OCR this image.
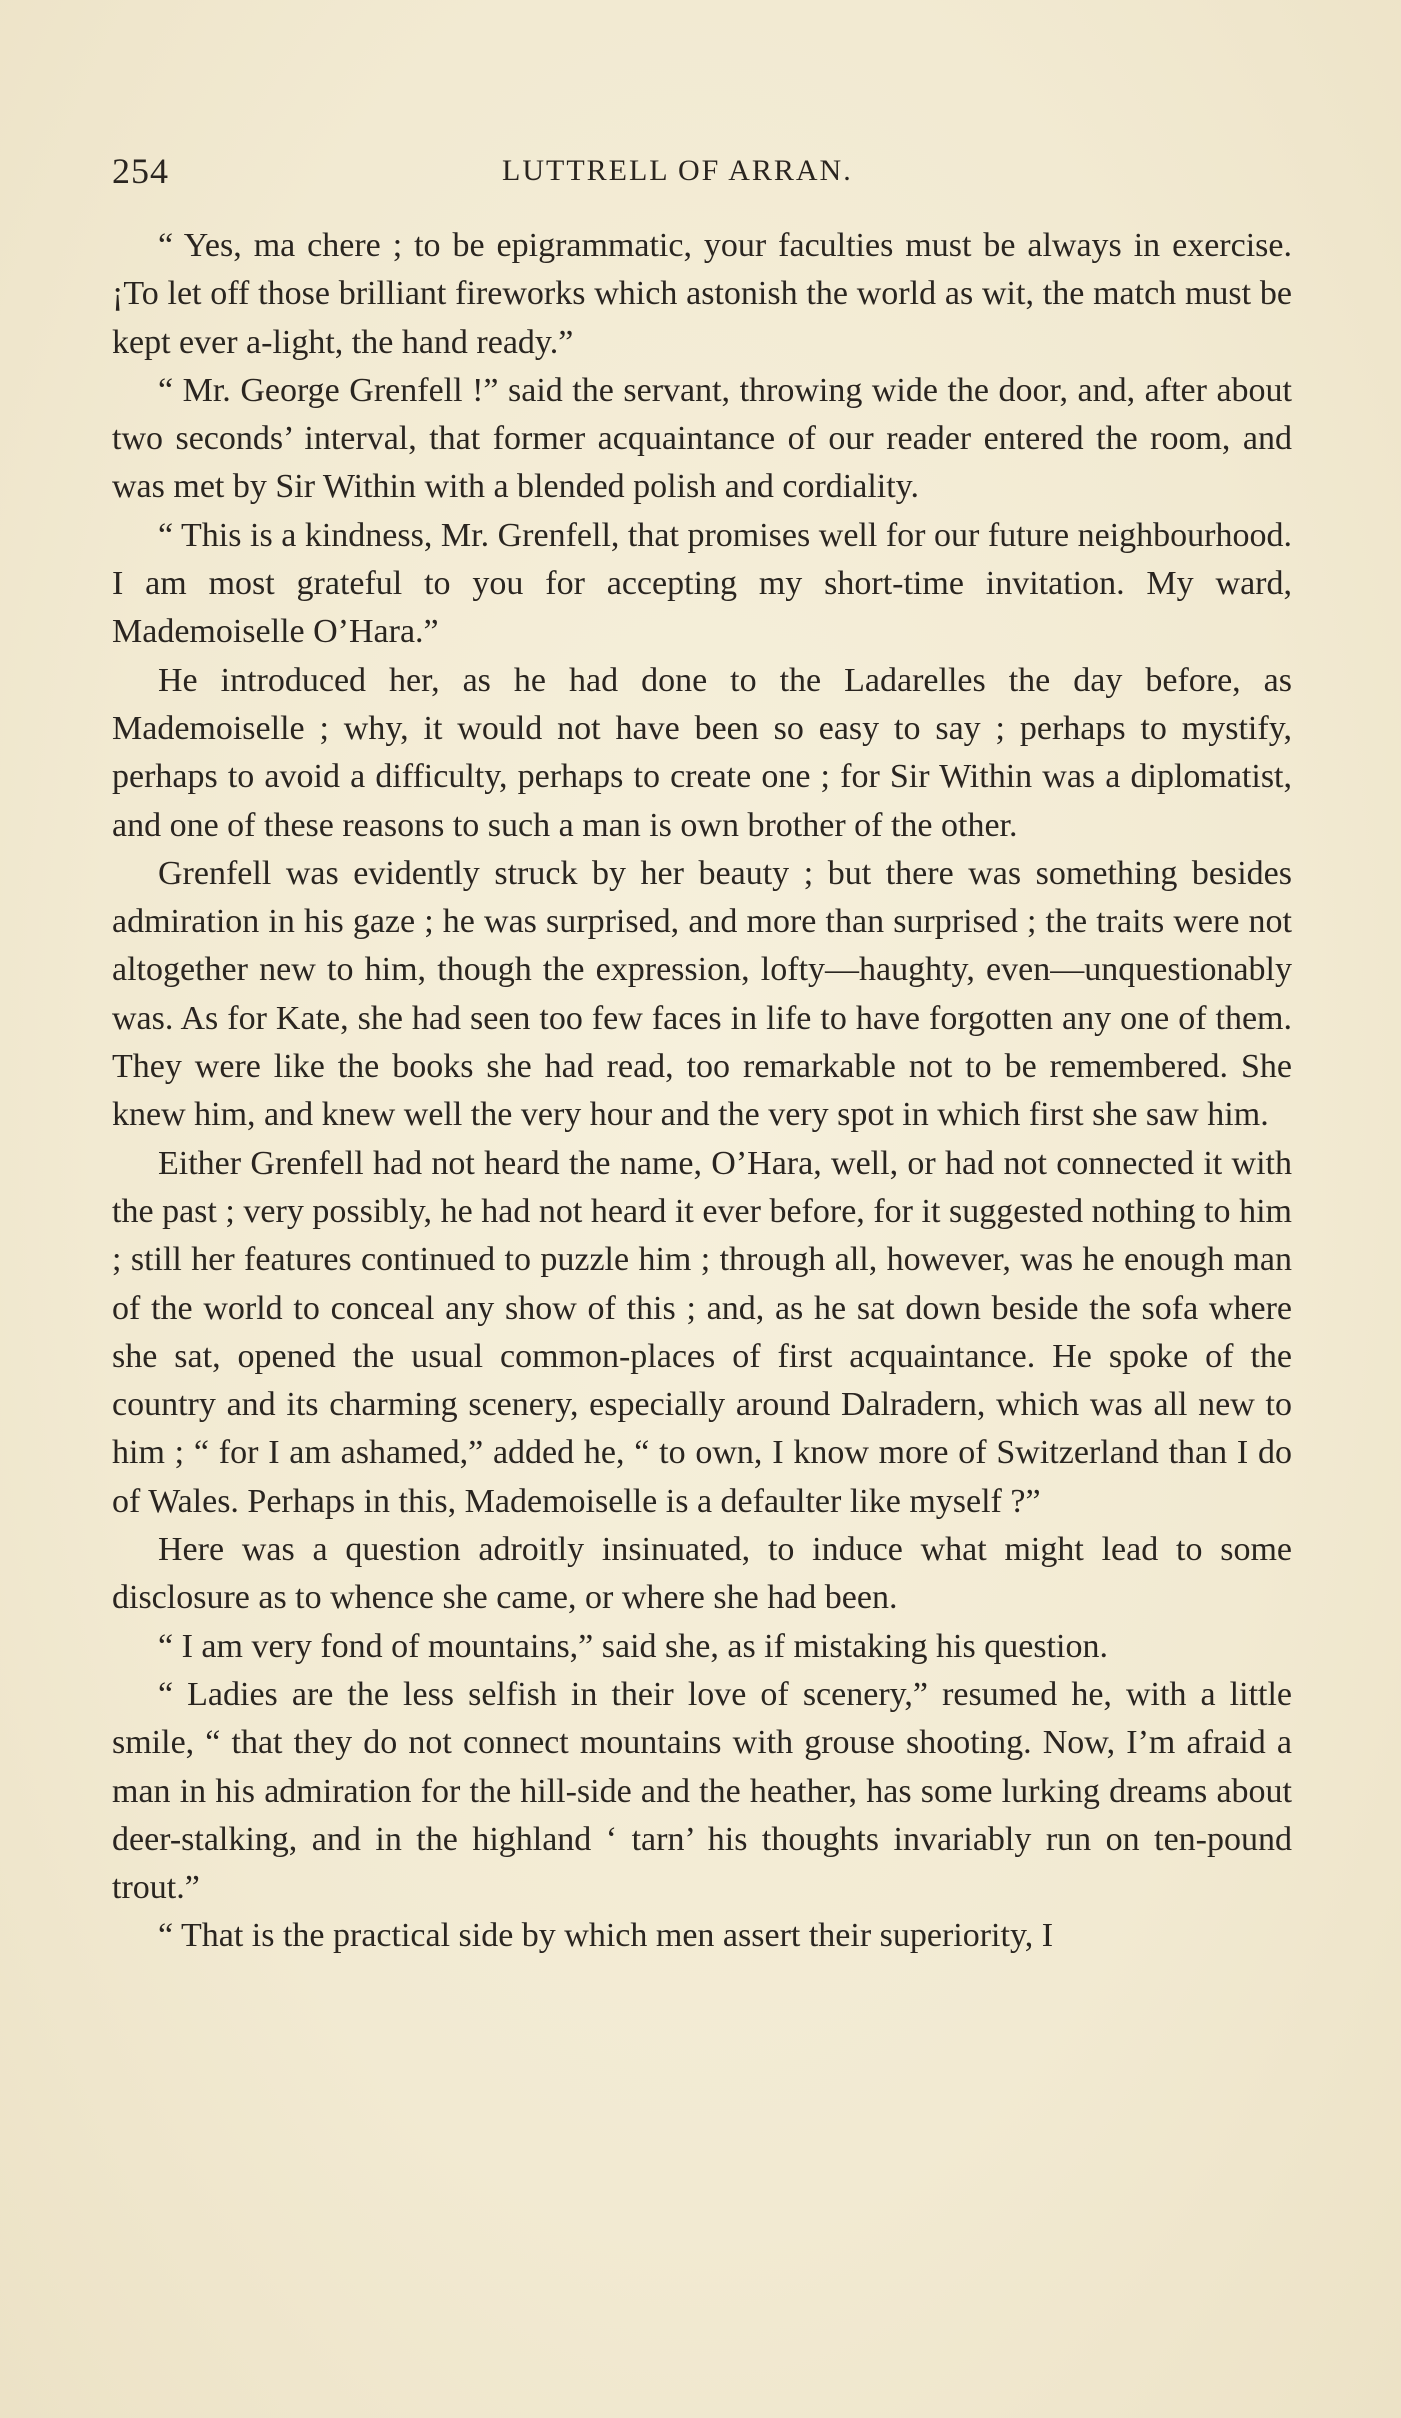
254	LUTTRELL OF ARRAN.

“ Yes, ma chere ; to be epigrammatic, your faculties must be always in exercise. ¡To let off those brilliant fireworks which astonish the world as wit, the match must be kept ever a-light, the hand ready.”

“ Mr. George Grenfell !” said the servant, throwing wide the door, and, after about two seconds’ interval, that former acquaintance of our reader entered the room, and was met by Sir Within with a blended polish and cordiality.

“ This is a kindness, Mr. Grenfell, that promises well for our future neighbourhood. I am most grateful to you for accepting my short-time invitation. My ward, Mademoiselle O’Hara.”

He introduced her, as he had done to the Ladarelles the day before, as Mademoiselle ; why, it would not have been so easy to say ; perhaps to mystify, perhaps to avoid a difficulty, perhaps to create one ; for Sir Within was a diplomatist, and one of these reasons to such a man is own brother of the other.

Grenfell was evidently struck by her beauty ; but there was something besides admiration in his gaze ; he was surprised, and more than surprised ; the traits were not altogether new to him, though the expression, lofty—haughty, even—unquestionably was. As for Kate, she had seen too few faces in life to have forgotten any one of them. They were like the books she had read, too remarkable not to be remembered. She knew him, and knew well the very hour and the very spot in which first she saw him.

Either Grenfell had not heard the name, O’Hara, well, or had not connected it with the past ; very possibly, he had not heard it ever before, for it suggested nothing to him ; still her features continued to puzzle him ; through all, however, was he enough man of the world to conceal any show of this ; and, as he sat down beside the sofa where she sat, opened the usual common-places of first acquaintance. He spoke of the country and its charming scenery, especially around Dalradern, which was all new to him ; “ for I am ashamed,” added he, “ to own, I know more of Switzerland than I do of Wales. Perhaps in this, Mademoiselle is a defaulter like myself ?”

Here was a question adroitly insinuated, to induce what might lead to some disclosure as to whence she came, or where she had been.

“ I am very fond of mountains,” said she, as if mistaking his question.

“ Ladies are the less selfish in their love of scenery,” resumed he, with a little smile, “ that they do not connect mountains with grouse shooting. Now, I’m afraid a man in his admiration for the hill-side and the heather, has some lurking dreams about deer-stalking, and in the highland ‘ tarn’ his thoughts invariably run on ten-pound trout.”

“ That is the practical side by which men assert their superiority, I
